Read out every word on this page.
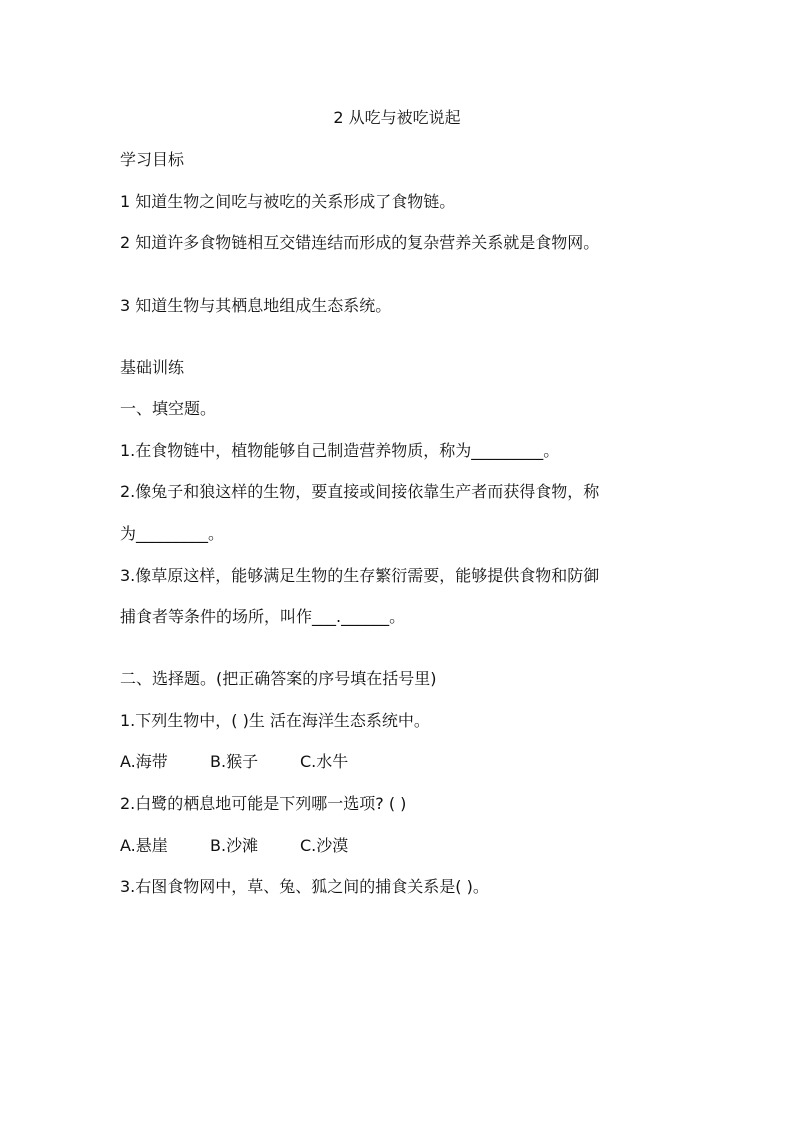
2 从吃与被吃说起
学习目标
1 知道生物之间吃与被吃的关系形成了食物链。
2 知道许多食物链相互交错连结而形成的复杂营养关系就是食物网。
3 知道生物与其栖息地组成生态系统。
基础训练
一、填空题。
1.在食物链中，植物能够自己制造营养物质，称为_________。
2.像兔子和狼这样的生物，要直接或间接依靠生产者而获得食物，称
为_________。
3.像草原这样，能够满足生物的生存繁衍需要，能够提供食物和防御
捕食者等条件的场所，叫作___.______。
二、选择题。(把正确答案的序号填在括号里)
1.下列生物中，( )生 活在海洋生态系统中。
A.海带	B.猴子	C.水牛
2.白鹭的栖息地可能是下列哪一选项? ( )
A.悬崖	B.沙滩	C.沙漠
3.右图食物网中，草、兔、狐之间的捕食关系是( )。
